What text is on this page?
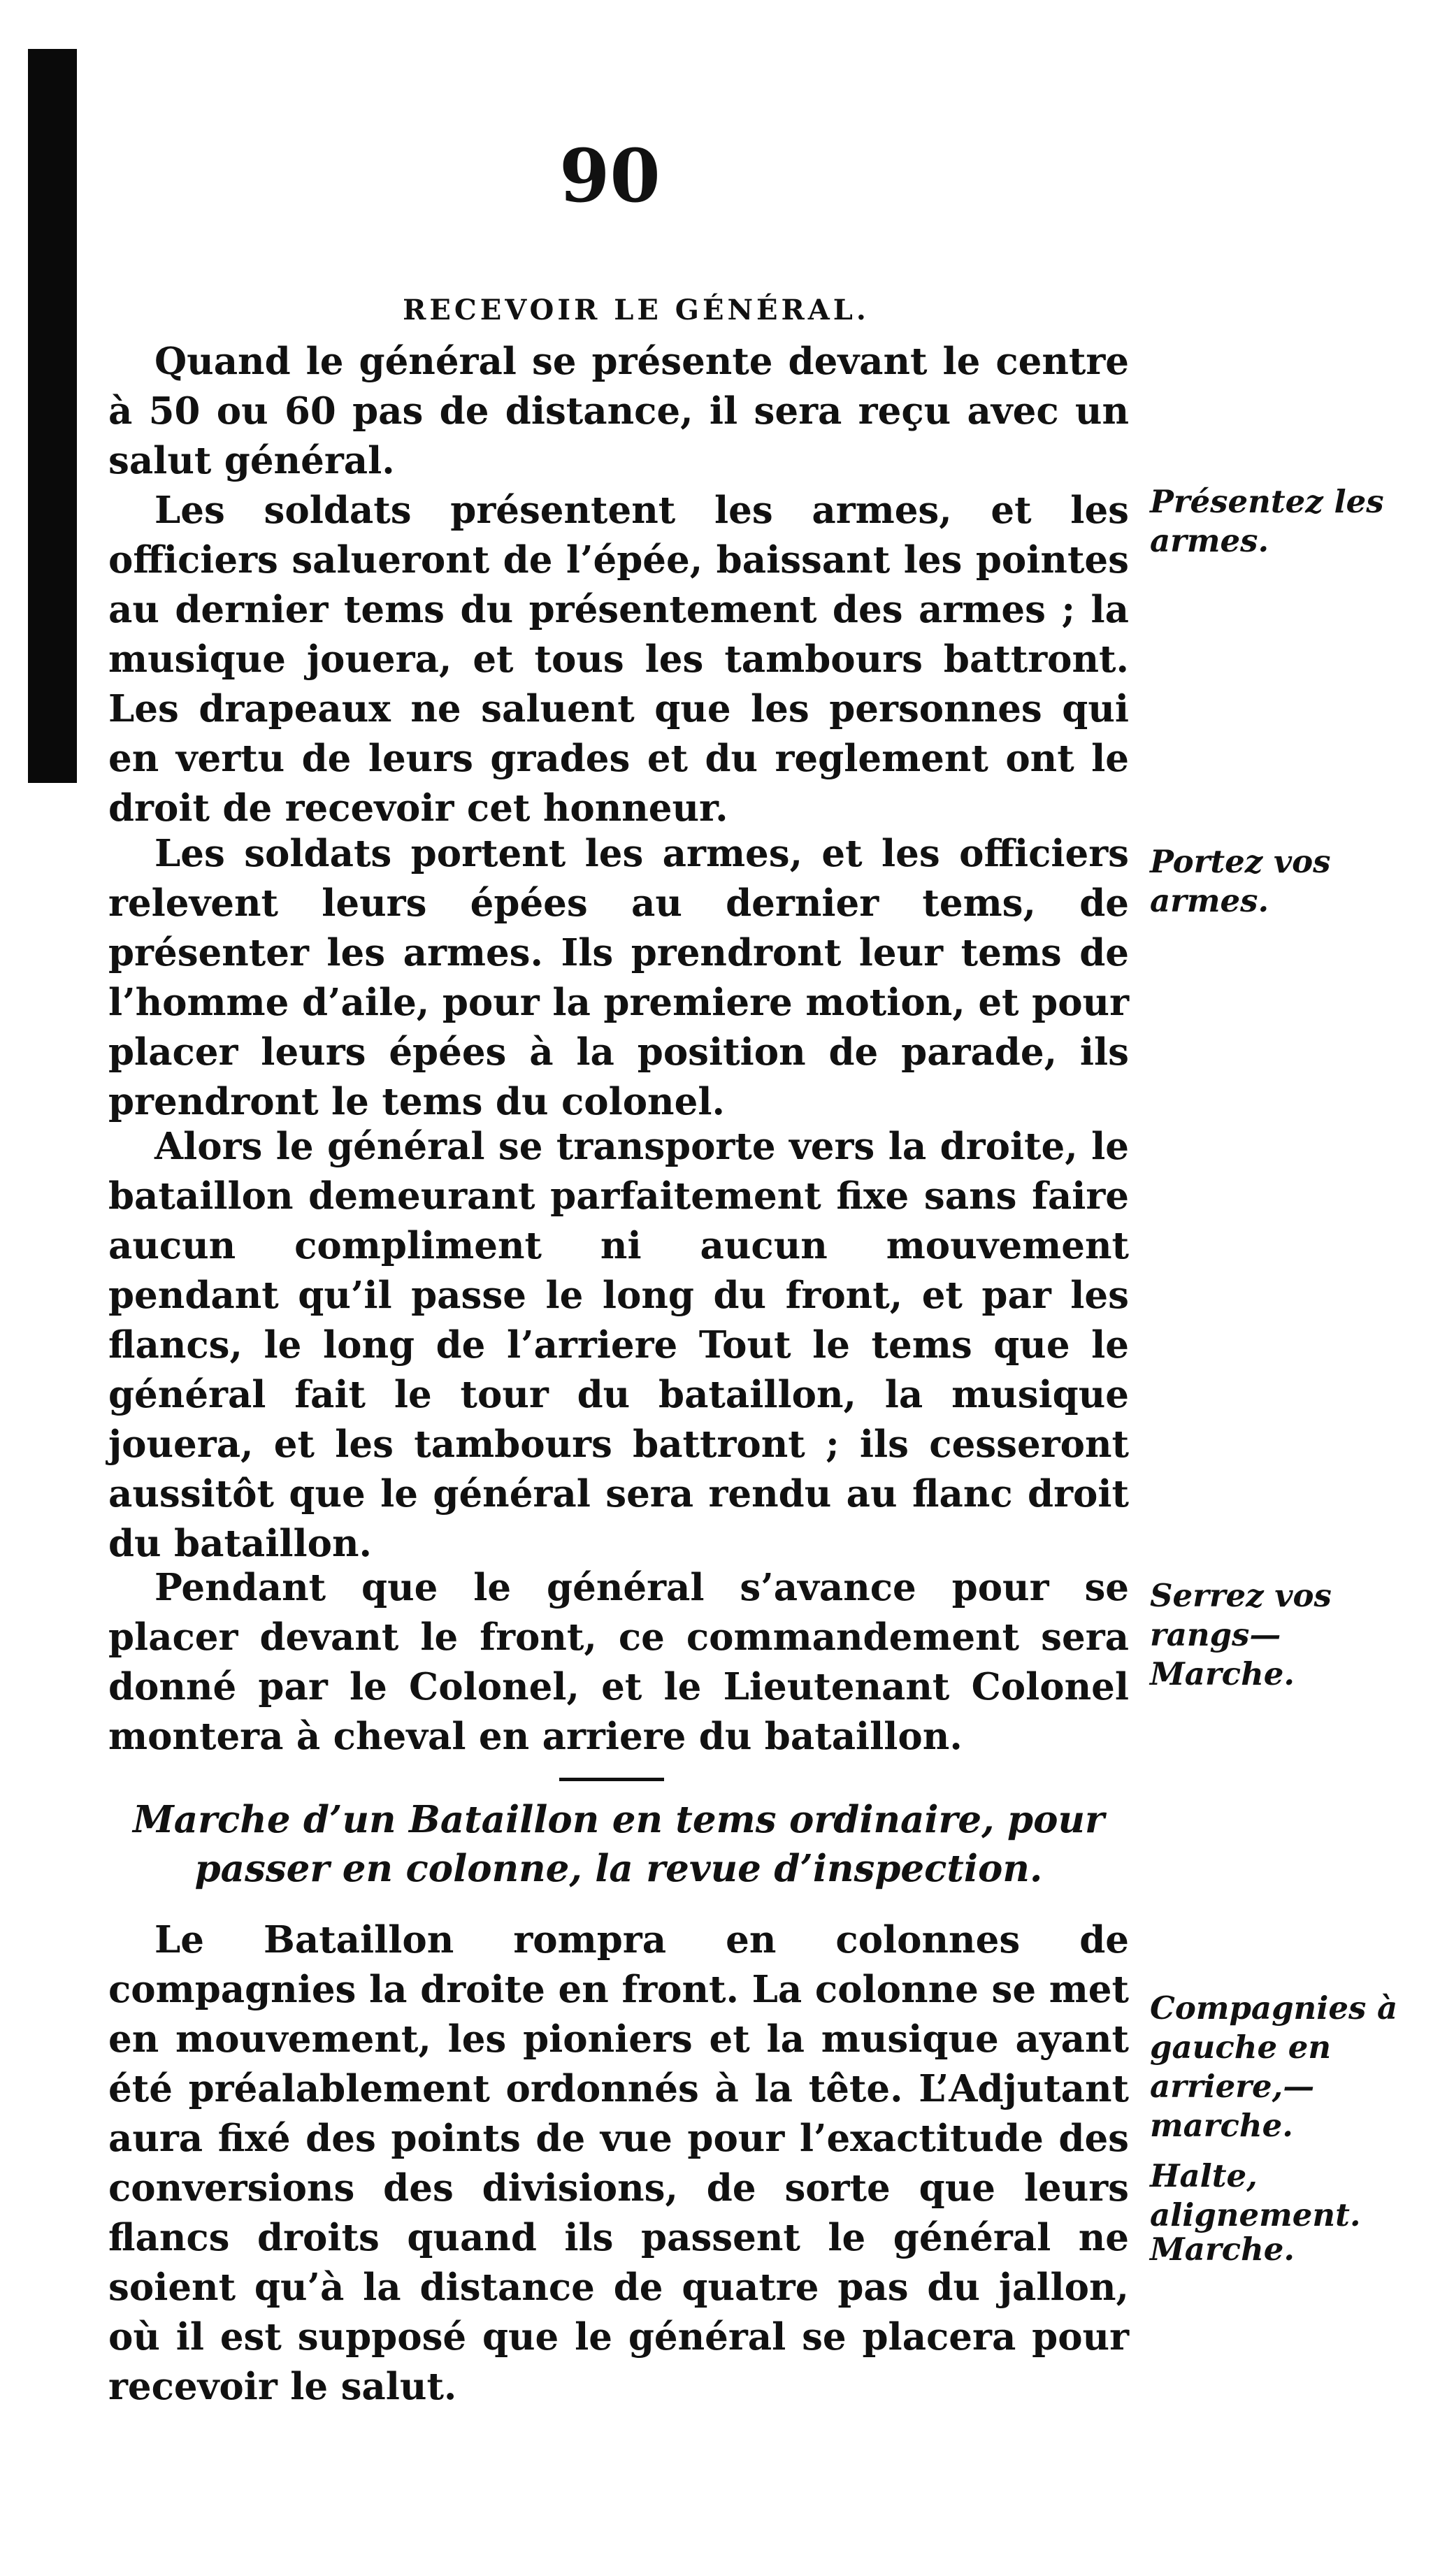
90
RECEVOIR LE GÉNÉRAL.
Quand le général se présente devant le centre à 50 ou 60 pas de distance, il sera reçu avec un salut général.
Les soldats présentent les armes, et les officiers salueront de l’épée, baissant les pointes au dernier tems du présentement des armes ; la musique jouera, et tous les tambours battront. Les drapeaux ne saluent que les personnes qui en vertu de leurs grades et du reglement ont le droit de recevoir cet honneur.
Les soldats portent les armes, et les officiers relevent leurs épées au dernier tems, de présenter les armes. Ils prendront leur tems de l’homme d’aile, pour la premiere motion, et pour placer leurs épées à la position de parade, ils prendront le tems du colonel.
Alors le général se transporte vers la droite, le bataillon demeurant parfaitement fixe sans faire aucun compliment ni aucun mouvement pendant qu’il passe le long du front, et par les flancs, le long de l’arriere Tout le tems que le général fait le tour du bataillon, la musique jouera, et les tambours battront ; ils cesseront aussitôt que le général sera rendu au flanc droit du bataillon.
Pendant que le général s’avance pour se placer devant le front, ce commandement sera donné par le Colonel, et le Lieutenant Colonel montera à cheval en arriere du bataillon.
Marche d’un Bataillon en tems ordinaire, pour passer en colonne, la revue d’inspection.
Le Bataillon rompra en colonnes de compagnies la droite en front. La colonne se met en mouvement, les pioniers et la musique ayant été préalablement ordonnés à la tête. L’Adjutant aura fixé des points de vue pour l’exactitude des conversions des divisions, de sorte que leurs flancs droits quand ils passent le général ne soient qu’à la distance de quatre pas du jallon, où il est supposé que le général se placera pour recevoir le salut.
Présentez les armes.
Portez vos armes.
Serrez vos rangs— Marche.
Compagnies à gauche en arriere,— marche.
Halte, alignement.
Marche.
